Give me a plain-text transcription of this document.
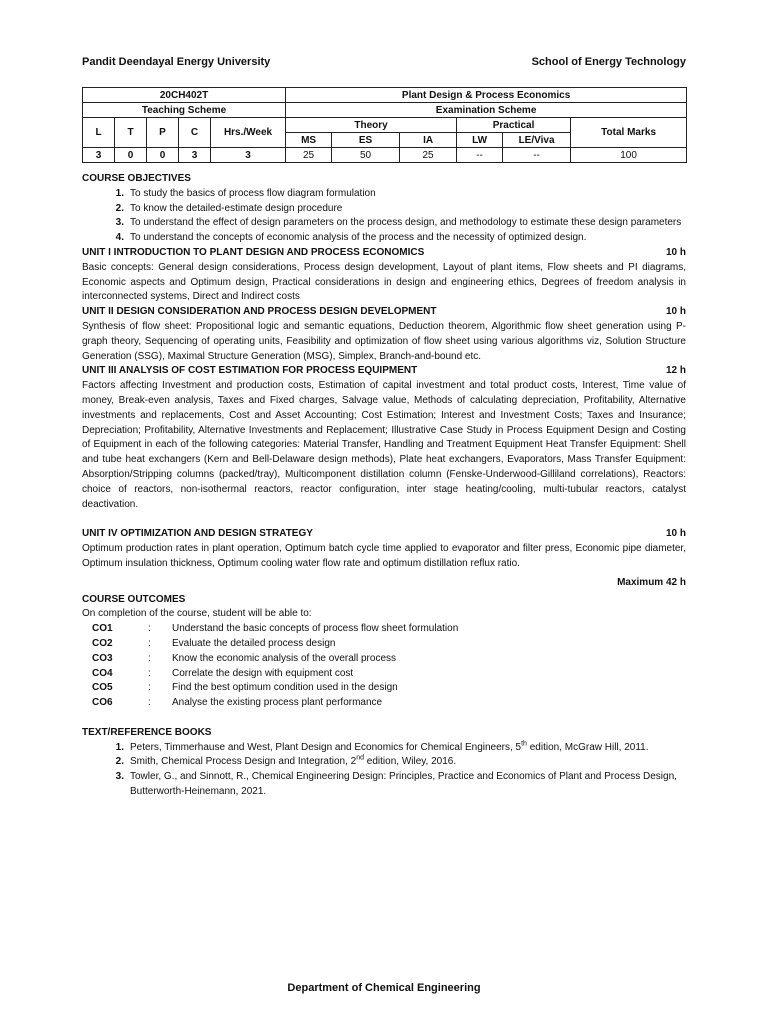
Pandit Deendayal Energy University	School of Energy Technology
20CH402T					Plant Design & Process Economics					
Teaching Scheme					Examination Scheme					
L	T	P	C	Hrs./Week	Theory			Practical		Total Marks
					MS	ES	IA	LW	LE/Viva	
3	0	0	3	3	25	50	25	--	--	100
COURSE OBJECTIVES
1. To study the basics of process flow diagram formulation
2. To know the detailed-estimate design procedure
3. To understand the effect of design parameters on the process design, and methodology to estimate these design parameters
4. To understand the concepts of economic analysis of the process and the necessity of optimized design.
UNIT I INTRODUCTION TO PLANT DESIGN AND PROCESS ECONOMICS	10 h

Basic concepts: General design considerations, Process design development, Layout of plant items, Flow sheets and PI diagrams, Economic aspects and Optimum design, Practical considerations in design and engineering ethics, Degrees of freedom analysis in interconnected systems, Direct and Indirect costs

UNIT II DESIGN CONSIDERATION AND PROCESS DESIGN DEVELOPMENT	10 h

Synthesis of flow sheet: Propositional logic and semantic equations, Deduction theorem, Algorithmic flow sheet generation using P-graph theory, Sequencing of operating units, Feasibility and optimization of flow sheet using various algorithms viz, Solution Structure Generation (SSG), Maximal Structure Generation (MSG), Simplex, Branch-and-bound etc.

UNIT III ANALYSIS OF COST ESTIMATION FOR PROCESS EQUIPMENT	12 h

Factors affecting Investment and production costs, Estimation of capital investment and total product costs, Interest, Time value of money, Break-even analysis, Taxes and Fixed charges, Salvage value, Methods of calculating depreciation, Profitability, Alternative investments and replacements, Cost and Asset Accounting; Cost Estimation; Interest and Investment Costs; Taxes and Insurance; Depreciation; Profitability, Alternative Investments and Replacement; Illustrative Case Study in Process Equipment Design and Costing of Equipment in each of the following categories: Material Transfer, Handling and Treatment Equipment Heat Transfer Equipment: Shell and tube heat exchangers (Kern and Bell-Delaware design methods), Plate heat exchangers, Evaporators, Mass Transfer Equipment: Absorption/Stripping columns (packed/tray), Multicomponent distillation column (Fenske-Underwood-Gilliland correlations), Reactors: choice of reactors, non-isothermal reactors, reactor configuration, inter stage heating/cooling, multi-tubular reactors, catalyst deactivation.

UNIT IV OPTIMIZATION AND DESIGN STRATEGY	10 h

Optimum production rates in plant operation, Optimum batch cycle time applied to evaporator and filter press, Economic pipe diameter, Optimum insulation thickness, Optimum cooling water flow rate and optimum distillation reflux ratio.

Maximum 42 h
COURSE OUTCOMES
On completion of the course, student will be able to:
CO1	:	Understand the basic concepts of process flow sheet formulation
CO2	:	Evaluate the detailed process design
CO3	:	Know the economic analysis of the overall process
CO4	:	Correlate the design with equipment cost
CO5	:	Find the best optimum condition used in the design
CO6	:	Analyse the existing process plant performance
TEXT/REFERENCE BOOKS
1. Peters, Timmerhause and West, Plant Design and Economics for Chemical Engineers, 5th edition, McGraw Hill, 2011.
2. Smith, Chemical Process Design and Integration, 2nd edition, Wiley, 2016.
3. Towler, G., and Sinnott, R., Chemical Engineering Design: Principles, Practice and Economics of Plant and Process Design, Butterworth-Heinemann, 2021.
Department of Chemical Engineering
